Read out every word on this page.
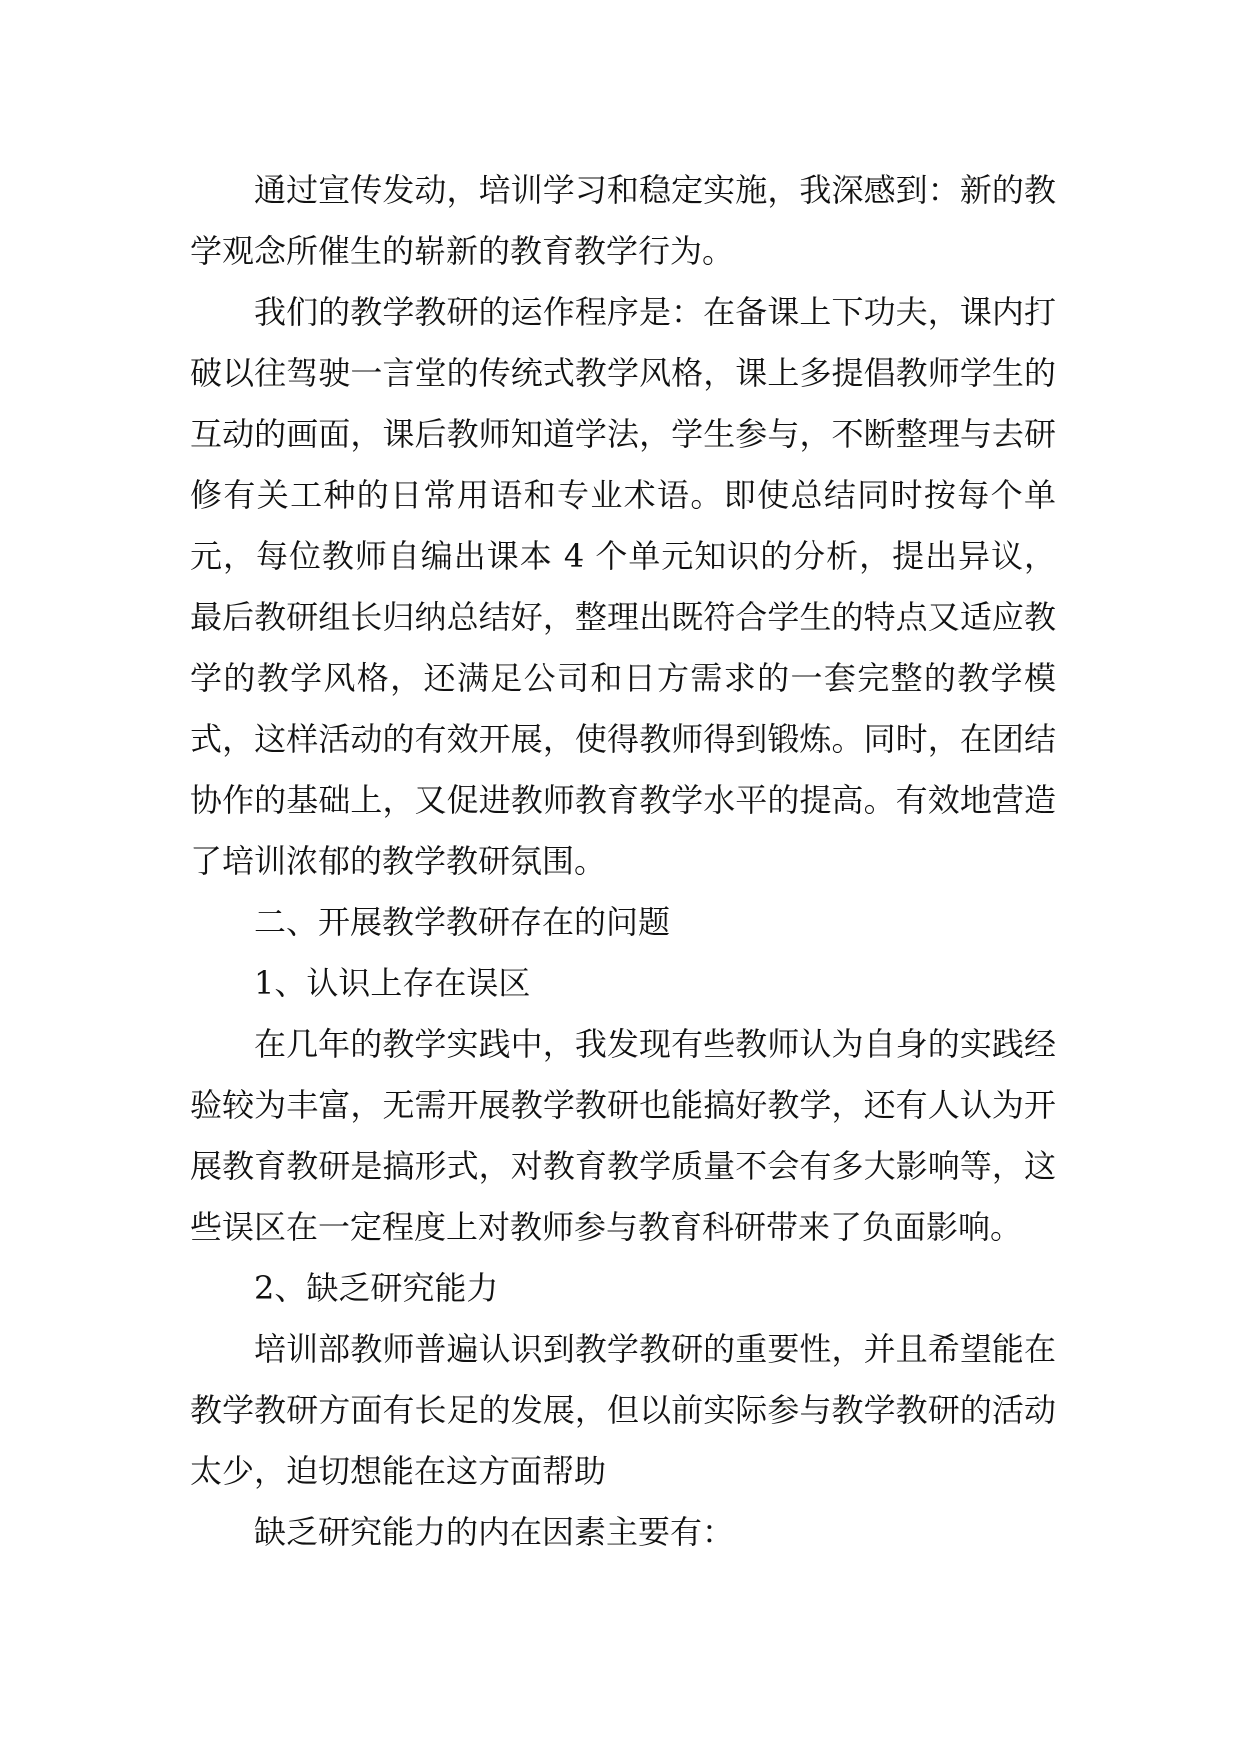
通过宣传发动，培训学习和稳定实施，我深感到：新的教学观念所催生的崭新的教育教学行为。

我们的教学教研的运作程序是：在备课上下功夫，课内打破以往驾驶一言堂的传统式教学风格，课上多提倡教师学生的互动的画面，课后教师知道学法，学生参与，不断整理与去研修有关工种的日常用语和专业术语。即使总结同时按每个单元，每位教师自编出课本 4 个单元知识的分析，提出异议，最后教研组长归纳总结好，整理出既符合学生的特点又适应教学的教学风格，还满足公司和日方需求的一套完整的教学模式，这样活动的有效开展，使得教师得到锻炼。同时，在团结协作的基础上，又促进教师教育教学水平的提高。有效地营造了培训浓郁的教学教研氛围。

二、开展教学教研存在的问题

1、认识上存在误区

在几年的教学实践中，我发现有些教师认为自身的实践经验较为丰富，无需开展教学教研也能搞好教学，还有人认为开展教育教研是搞形式，对教育教学质量不会有多大影响等，这些误区在一定程度上对教师参与教育科研带来了负面影响。

2、缺乏研究能力

培训部教师普遍认识到教学教研的重要性，并且希望能在教学教研方面有长足的发展，但以前实际参与教学教研的活动太少，迫切想能在这方面帮助

缺乏研究能力的内在因素主要有：
